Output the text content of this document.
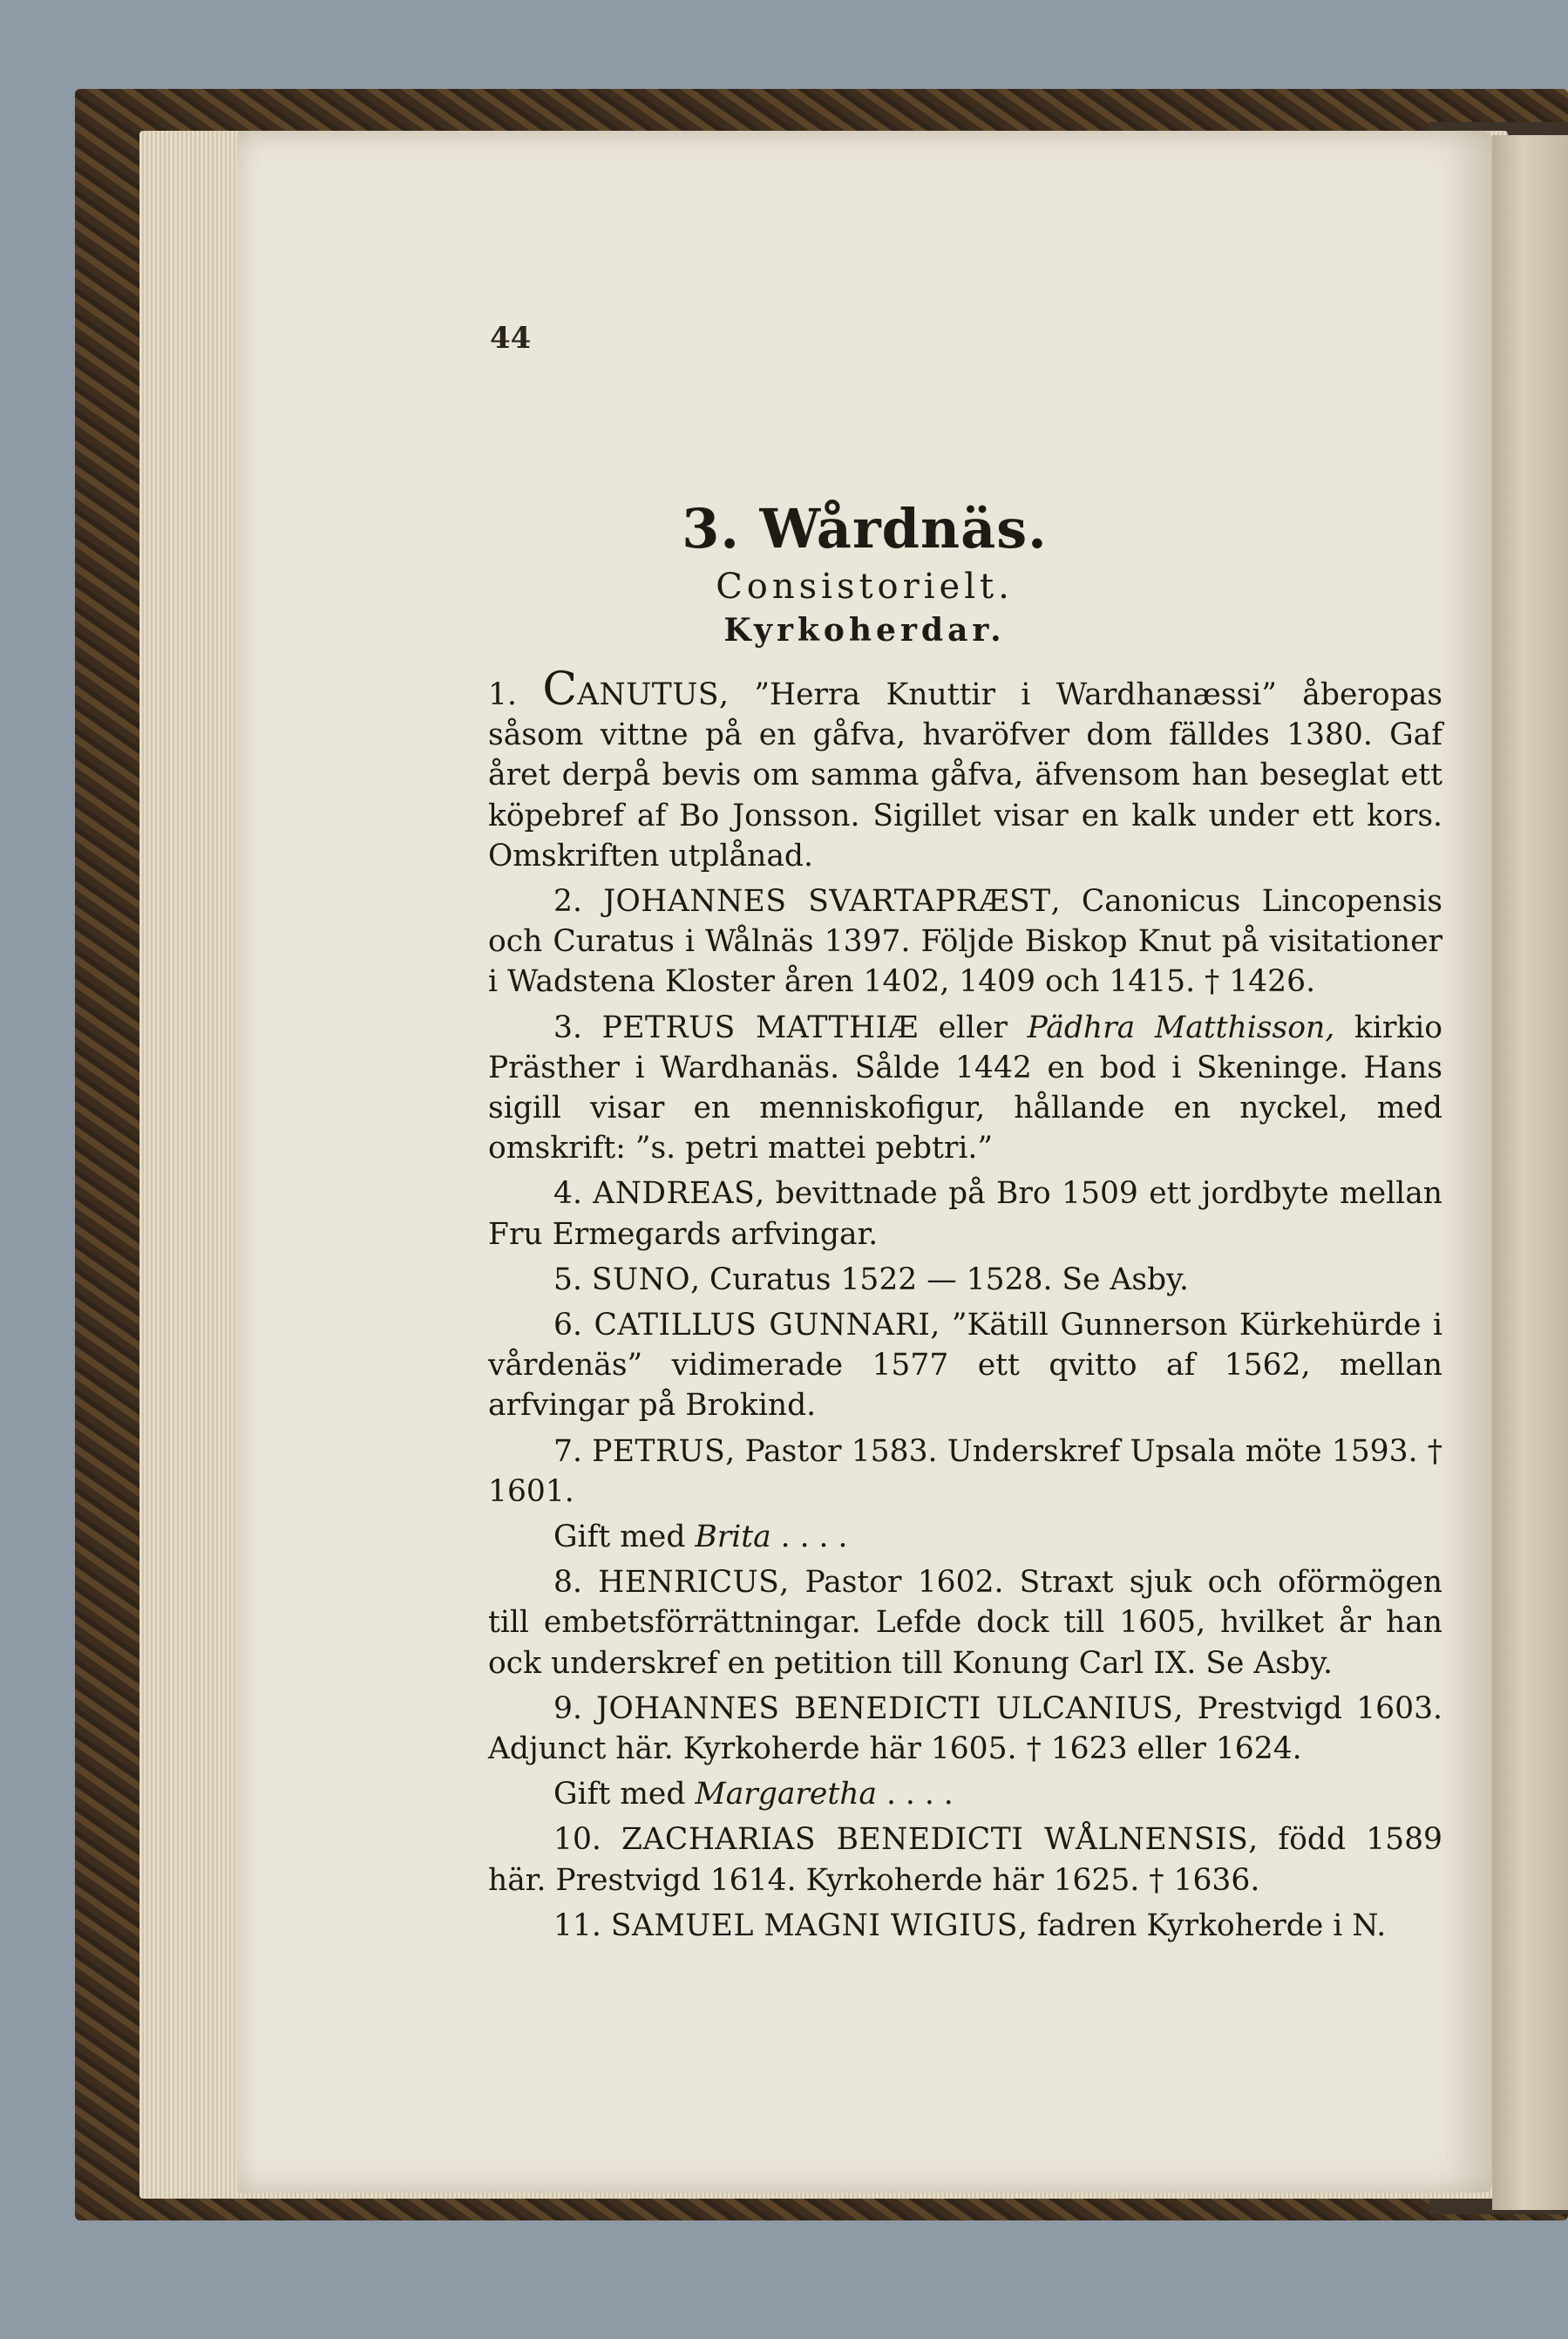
44
3. Wårdnäs.
Consistorielt.
Kyrkoherdar.

1. CANUTUS, ”Herra Knuttir i Wardhanæssi” åberopas såsom vittne på en gåfva, hvaröfver dom fälldes 1380. Gaf året derpå bevis om samma gåfva, äfvensom han beseglat ett köpebref af Bo Jonsson. Sigillet visar en kalk under ett kors. Omskriften utplånad.

2. JOHANNES SVARTAPRÆST, Canonicus Lincopensis och Curatus i Wålnäs 1397. Följde Biskop Knut på visitationer i Wadstena Kloster åren 1402, 1409 och 1415. † 1426.

3. PETRUS MATTHIÆ eller Pädhra Matthisson, kirkio Prästher i Wardhanäs. Sålde 1442 en bod i Skeninge. Hans sigill visar en menniskofigur, hållande en nyckel, med omskrift: ”s. petri mattei pebtri.”

4. ANDREAS, bevittnade på Bro 1509 ett jordbyte mellan Fru Ermegards arfvingar.

5. SUNO, Curatus 1522 — 1528. Se Asby.

6. CATILLUS GUNNARI, ”Kätill Gunnerson Kürkehürde i vårdenäs” vidimerade 1577 ett qvitto af 1562, mellan arfvingar på Brokind.

7. PETRUS, Pastor 1583. Underskref Upsala möte 1593. † 1601.

Gift med Brita . . . .

8. HENRICUS, Pastor 1602. Straxt sjuk och oförmögen till embetsförrättningar. Lefde dock till 1605, hvilket år han ock underskref en petition till Konung Carl IX. Se Asby.

9. JOHANNES BENEDICTI ULCANIUS, Prestvigd 1603. Adjunct här. Kyrkoherde här 1605. † 1623 eller 1624.

Gift med Margaretha . . . .

10. ZACHARIAS BENEDICTI WÅLNENSIS, född 1589 här. Prestvigd 1614. Kyrkoherde här 1625. † 1636.

11. SAMUEL MAGNI WIGIUS, fadren Kyrkoherde i N.
